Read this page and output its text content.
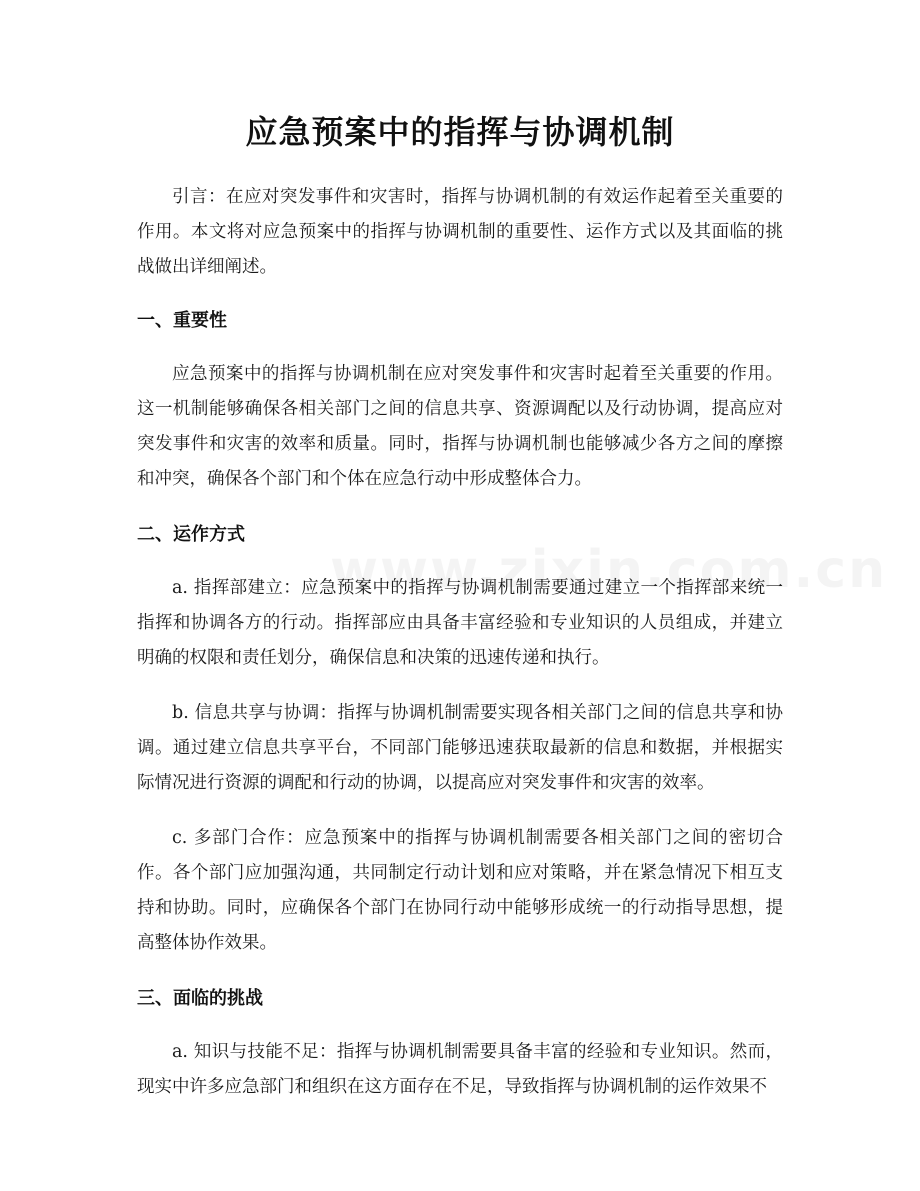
应急预案中的指挥与协调机制

引言：在应对突发事件和灾害时，指挥与协调机制的有效运作起着至关重要的作用。本文将对应急预案中的指挥与协调机制的重要性、运作方式以及其面临的挑战做出详细阐述。

一、重要性

应急预案中的指挥与协调机制在应对突发事件和灾害时起着至关重要的作用。这一机制能够确保各相关部门之间的信息共享、资源调配以及行动协调，提高应对突发事件和灾害的效率和质量。同时，指挥与协调机制也能够减少各方之间的摩擦和冲突，确保各个部门和个体在应急行动中形成整体合力。

二、运作方式

a. 指挥部建立：应急预案中的指挥与协调机制需要通过建立一个指挥部来统一指挥和协调各方的行动。指挥部应由具备丰富经验和专业知识的人员组成，并建立明确的权限和责任划分，确保信息和决策的迅速传递和执行。

b. 信息共享与协调：指挥与协调机制需要实现各相关部门之间的信息共享和协调。通过建立信息共享平台，不同部门能够迅速获取最新的信息和数据，并根据实际情况进行资源的调配和行动的协调，以提高应对突发事件和灾害的效率。

c. 多部门合作：应急预案中的指挥与协调机制需要各相关部门之间的密切合作。各个部门应加强沟通，共同制定行动计划和应对策略，并在紧急情况下相互支持和协助。同时，应确保各个部门在协同行动中能够形成统一的行动指导思想，提高整体协作效果。

三、面临的挑战

a. 知识与技能不足：指挥与协调机制需要具备丰富的经验和专业知识。然而，现实中许多应急部门和组织在这方面存在不足，导致指挥与协调机制的运作效果不
